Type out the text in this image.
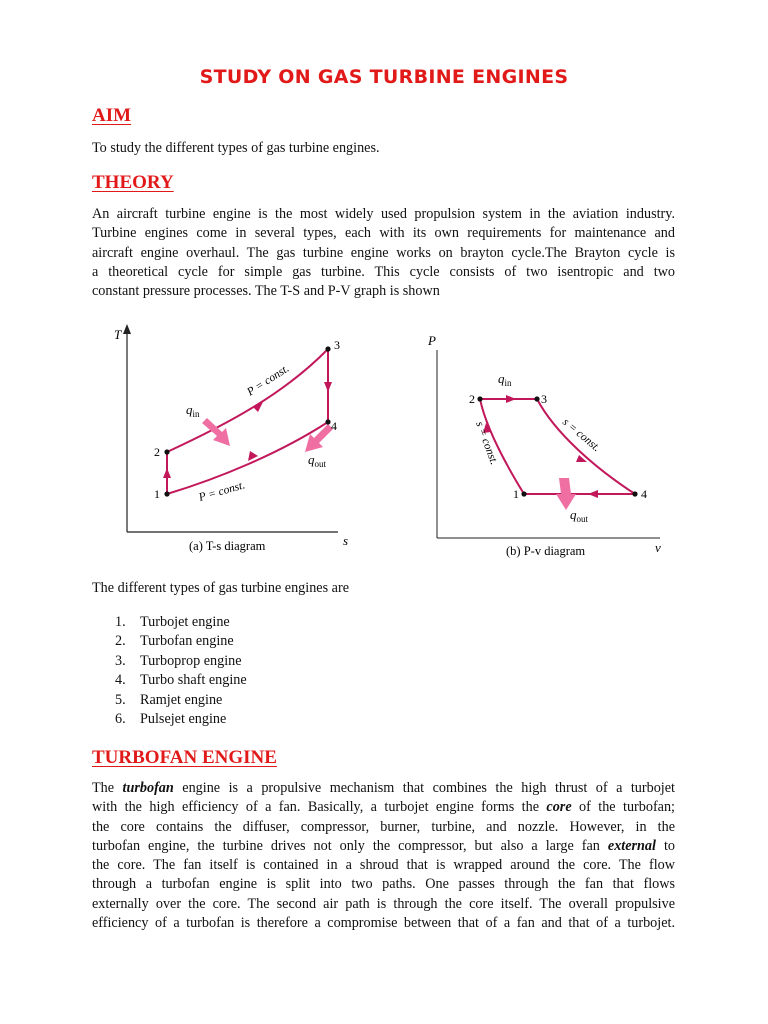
STUDY ON GAS TURBINE ENGINES
AIM

To study the different types of gas turbine engines.

THEORY

An aircraft turbine engine is the most widely used propulsion system in the aviation industry.
Turbine engines come in several types, each with its own requirements for maintenance and
aircraft engine overhaul. The gas turbine engine works on brayton cycle.The Brayton cycle is
a theoretical cycle for simple gas turbine. This cycle consists of two isentropic and two
constant pressure processes. The T-S and P-V graph is shown

T
s
1
2
3
4
P = const.
P = const.
$q_{in}$
$q_{out}$
(a) T-s diagram
P
v
1
2	3
4
s = const.	s = const.
$q_{in}$
$q_{out}$
(b) P-v diagram

The different types of gas turbine engines are

1. Turbojet engine
2. Turbofan engine
3. Turboprop engine
4. Turbo shaft engine
5. Ramjet engine
6. Pulsejet engine
TURBOFAN ENGINE

The turbofan engine is a propulsive mechanism that combines the high thrust of a turbojet
with the high efficiency of a fan. Basically, a turbojet engine forms the core of the turbofan;
the core contains the diffuser, compressor, burner, turbine, and nozzle. However, in the
turbofan engine, the turbine drives not only the compressor, but also a large fan external to
the core. The fan itself is contained in a shroud that is wrapped around the core. The flow
through a turbofan engine is split into two paths. One passes through the fan that flows
externally over the core. The second air path is through the core itself. The overall propulsive
efficiency of a turbofan is therefore a compromise between that of a fan and that of a turbojet.
